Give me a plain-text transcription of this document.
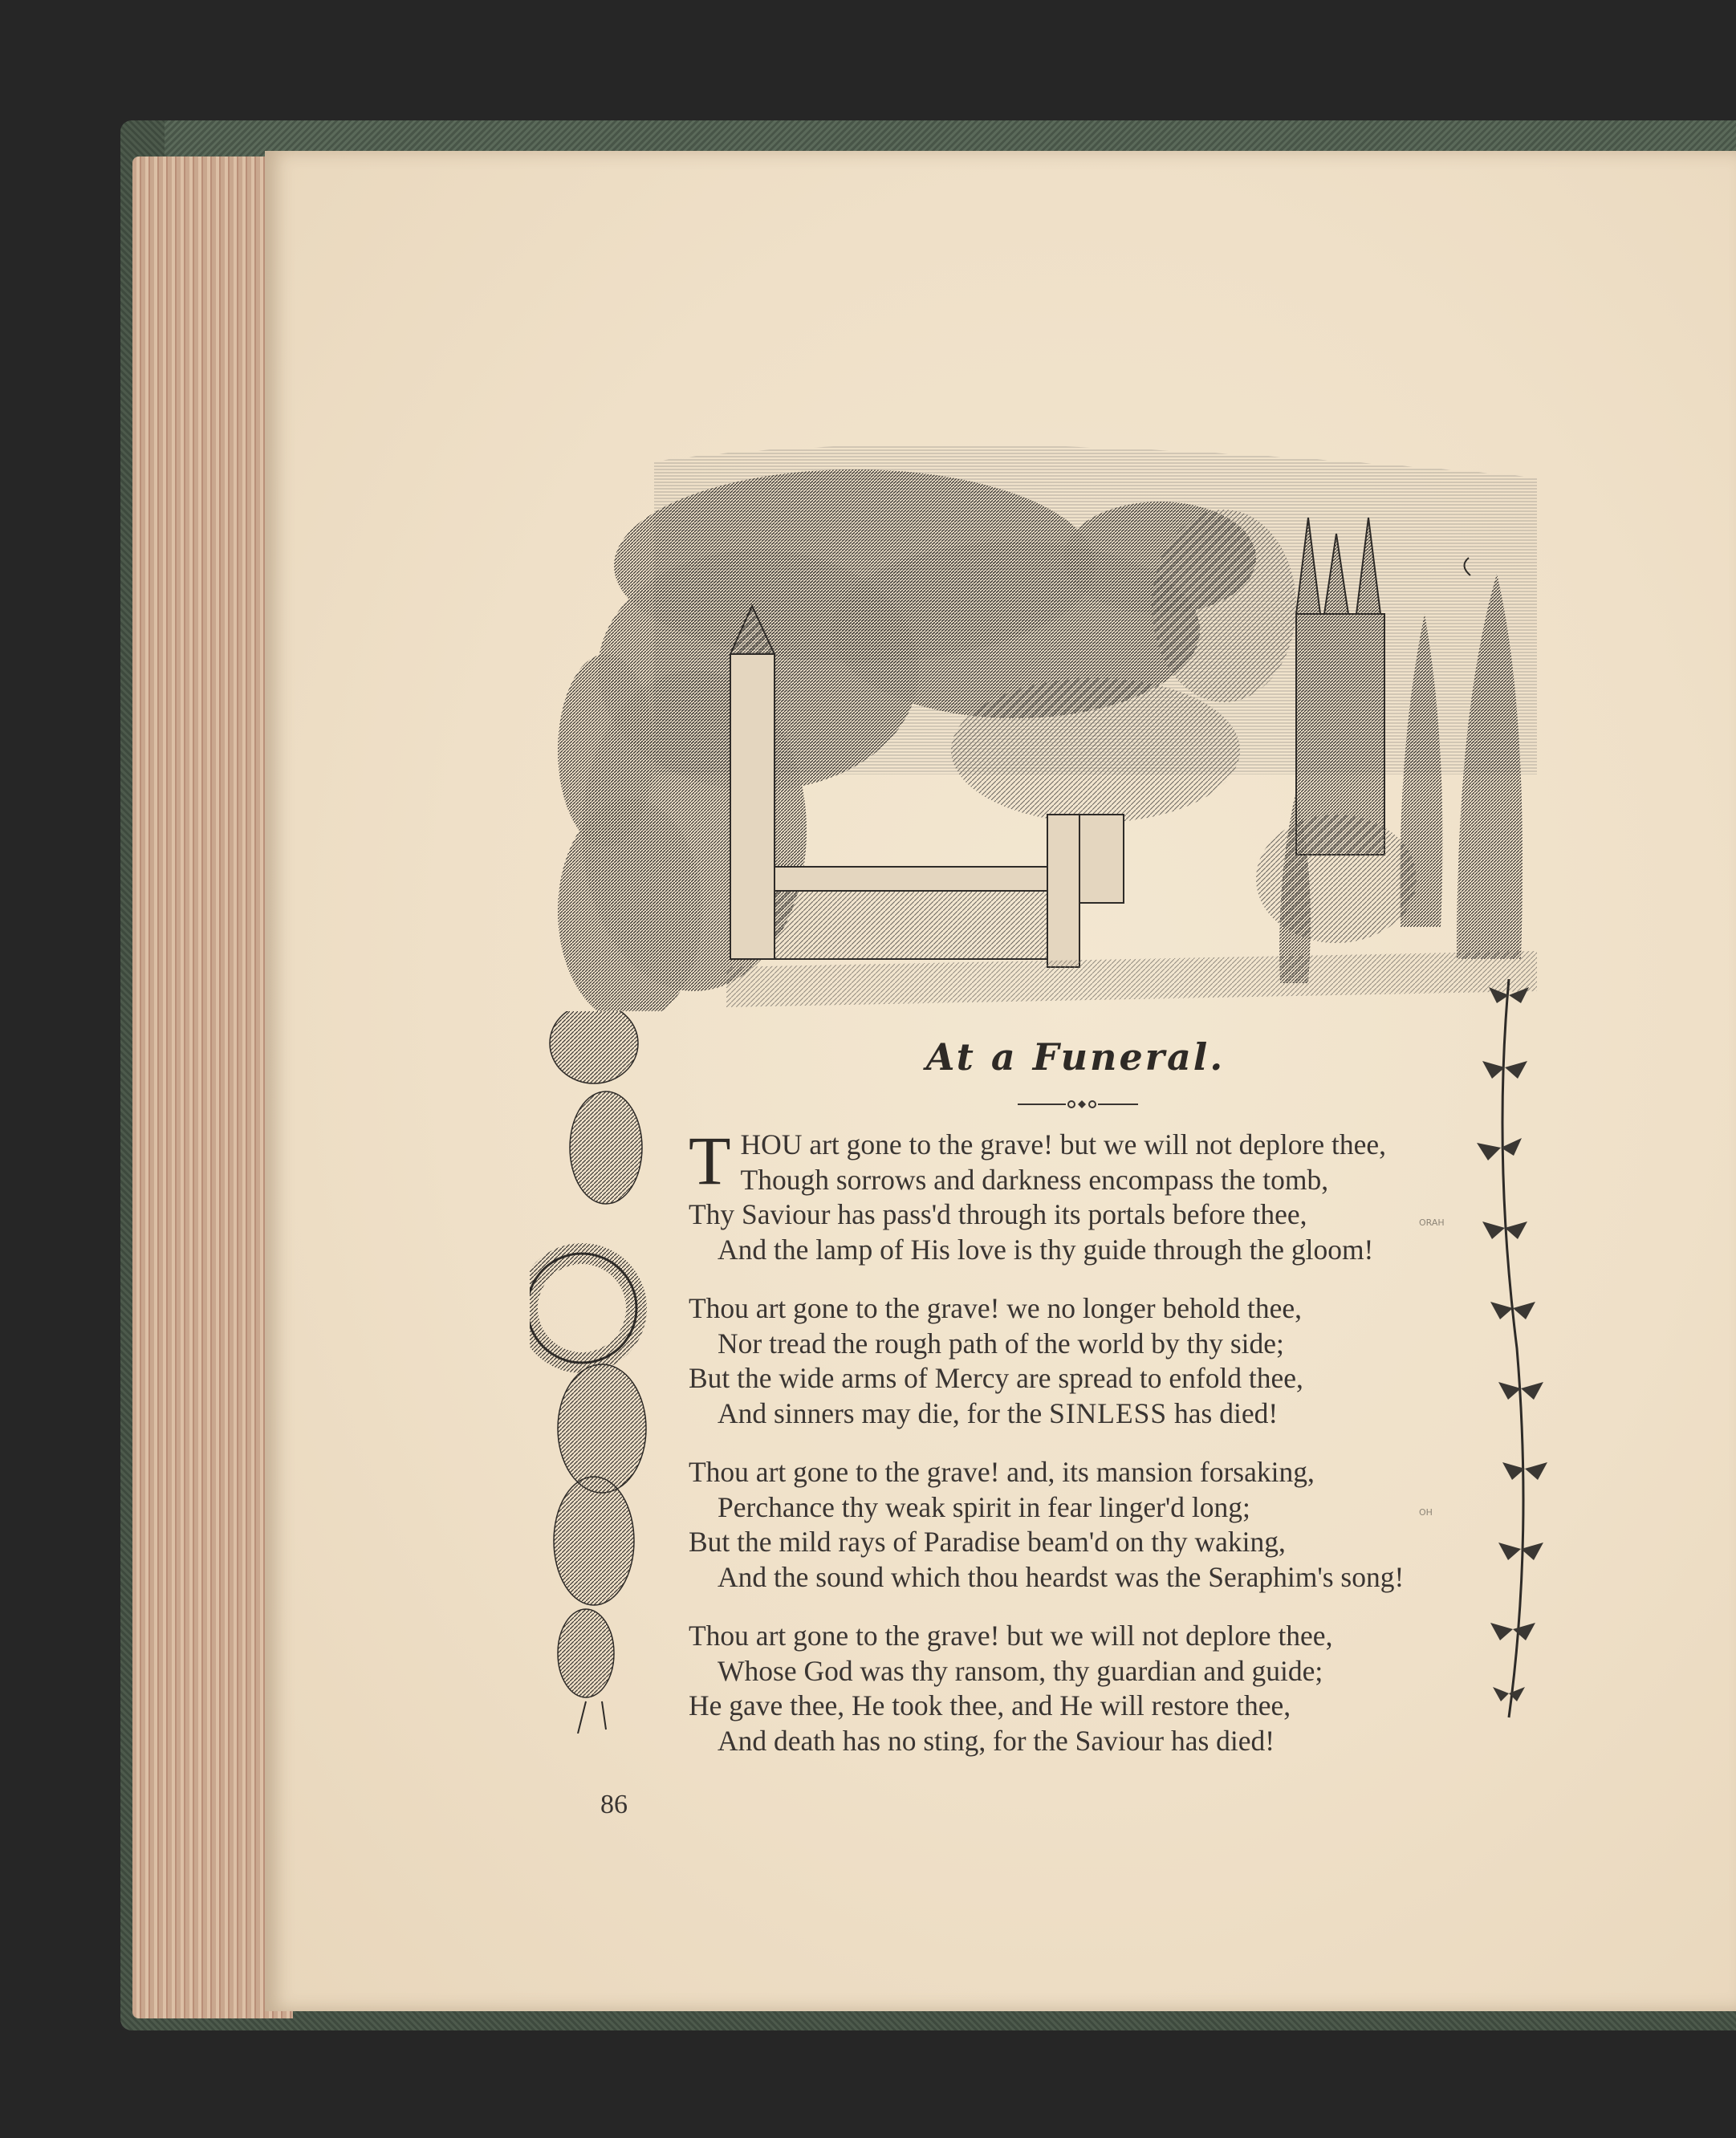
At a Funeral.
T HOU art gone to the grave! but we will not deplore thee,
Though sorrows and darkness encompass the tomb,
Thy Saviour has pass'd through its portals before thee,
And the lamp of His love is thy guide through the gloom!
Thou art gone to the grave! we no longer behold thee,
Nor tread the rough path of the world by thy side;
But the wide arms of Mercy are spread to enfold thee,
And sinners may die, for the SINLESS has died!
Thou art gone to the grave! and, its mansion forsaking,
Perchance thy weak spirit in fear linger'd long;
But the mild rays of Paradise beam'd on thy waking,
And the sound which thou heardst was the Seraphim's song!
Thou art gone to the grave! but we will not deplore thee,
Whose God was thy ransom, thy guardian and guide;
He gave thee, He took thee, and He will restore thee,
And death has no sting, for the Saviour has died!
ORAH
OH
86
